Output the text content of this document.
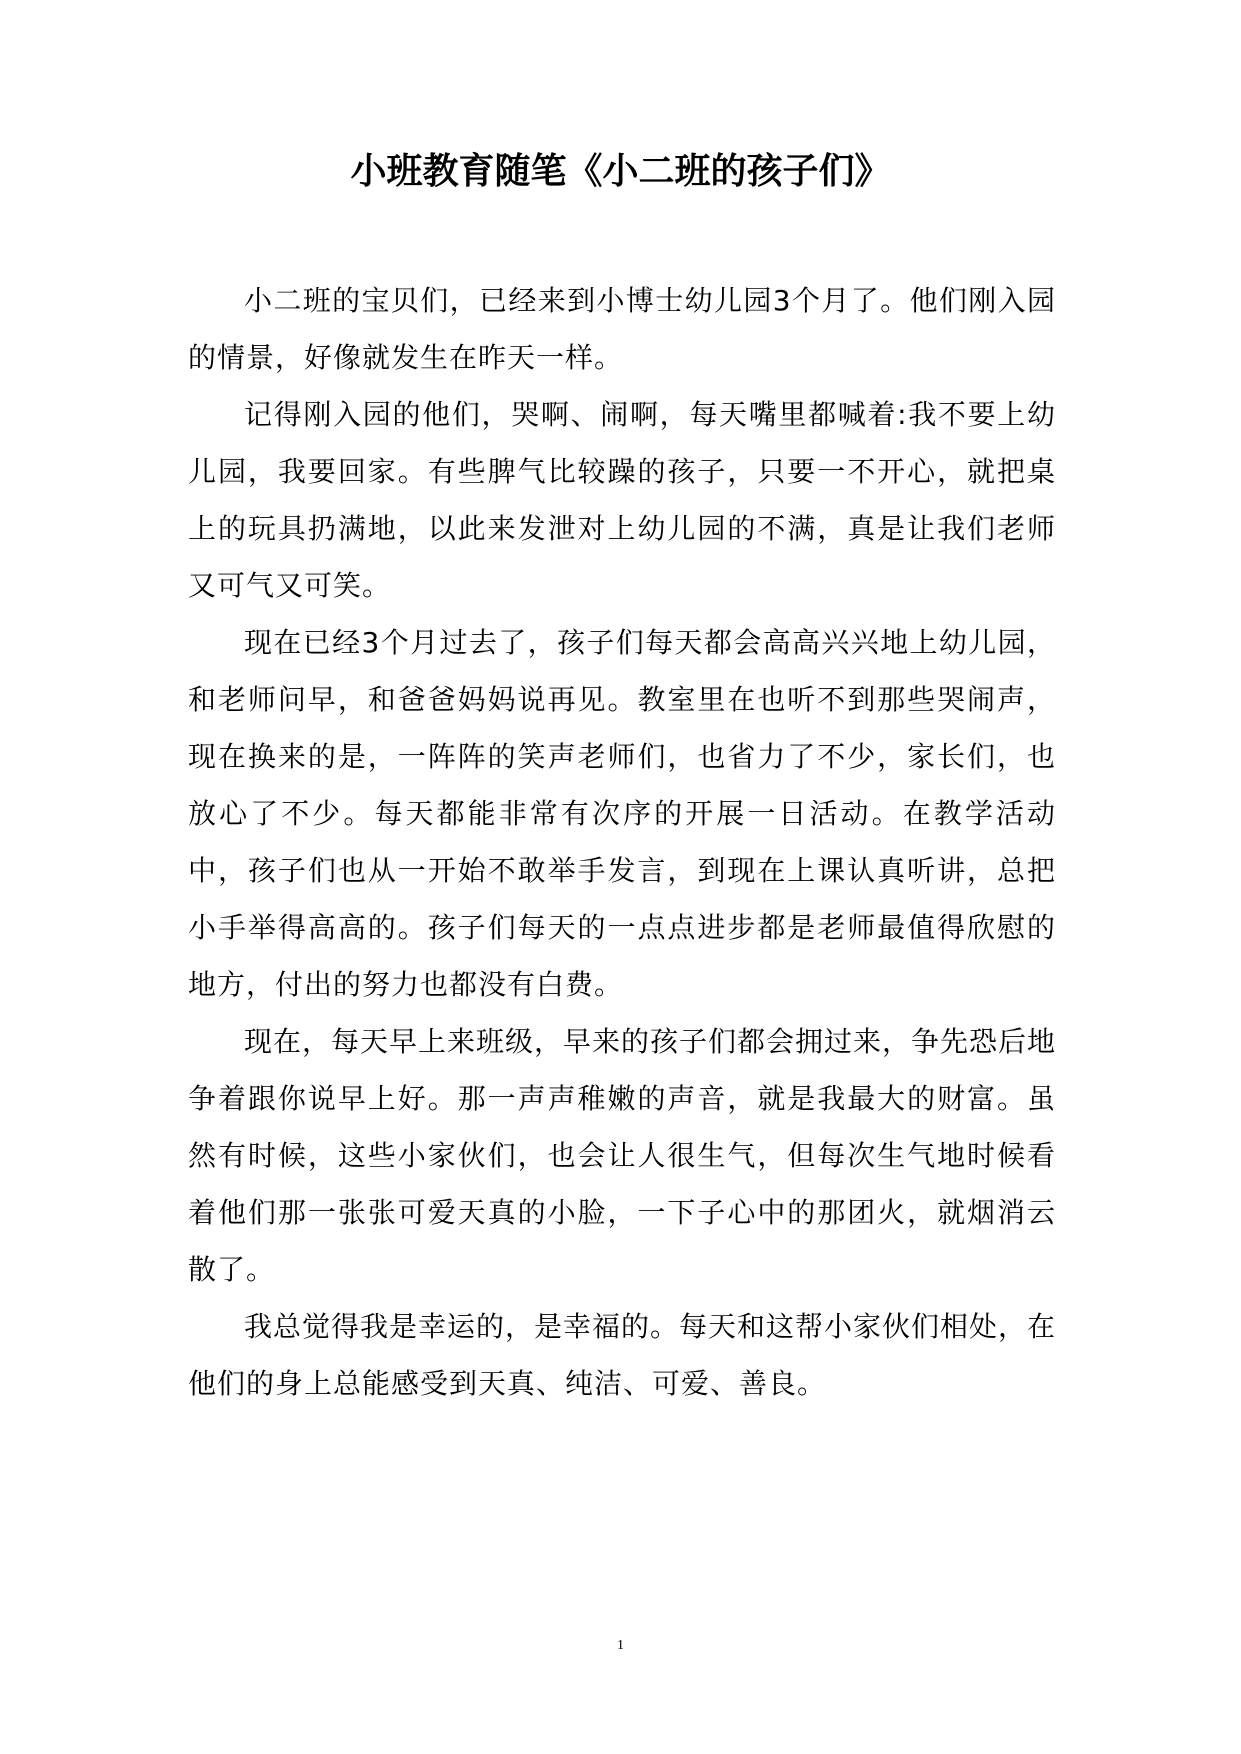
小班教育随笔《小二班的孩子们》

小二班的宝贝们，已经来到小博士幼儿园3个月了。他们刚入园的情景，好像就发生在昨天一样。

记得刚入园的他们，哭啊、闹啊，每天嘴里都喊着:我不要上幼儿园，我要回家。有些脾气比较躁的孩子，只要一不开心，就把桌上的玩具扔满地，以此来发泄对上幼儿园的不满，真是让我们老师又可气又可笑。

现在已经3个月过去了，孩子们每天都会高高兴兴地上幼儿园，和老师问早，和爸爸妈妈说再见。教室里在也听不到那些哭闹声，现在换来的是，一阵阵的笑声老师们，也省力了不少，家长们，也放心了不少。每天都能非常有次序的开展一日活动。在教学活动中，孩子们也从一开始不敢举手发言，到现在上课认真听讲，总把小手举得高高的。孩子们每天的一点点进步都是老师最值得欣慰的地方，付出的努力也都没有白费。

现在，每天早上来班级，早来的孩子们都会拥过来，争先恐后地争着跟你说早上好。那一声声稚嫩的声音，就是我最大的财富。虽然有时候，这些小家伙们，也会让人很生气，但每次生气地时候看着他们那一张张可爱天真的小脸，一下子心中的那团火，就烟消云散了。

我总觉得我是幸运的，是幸福的。每天和这帮小家伙们相处，在他们的身上总能感受到天真、纯洁、可爱、善良。

1
